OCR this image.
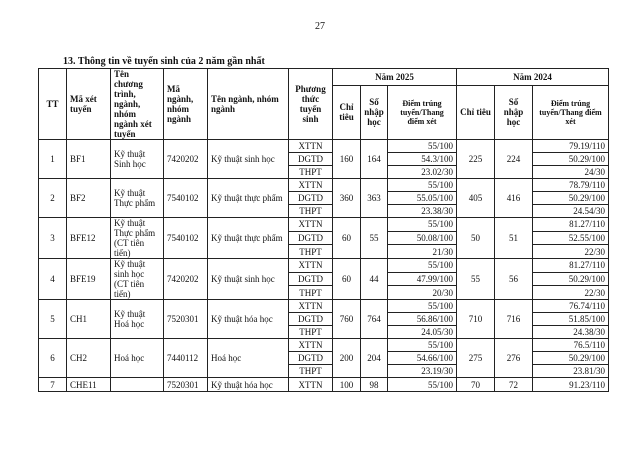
27
13. Thông tin về tuyển sinh của 2 năm gần nhất
TT	Mã xét tuyển	Tên chương trình, ngành, nhóm ngành xét tuyển	Mã ngành, nhóm ngành	Tên ngành, nhóm ngành	Phương thức tuyển sinh	Năm 2025			Năm 2024		
						Chỉ tiêu	Số nhập học	Điểm trúng tuyển/Thang điểm xét	Chỉ tiêu	Số nhập học	Điểm trúng tuyển/Thang điểm xét
1	BF1	Kỹ thuật Sinh học	7420202	Kỹ thuật sinh học	XTTN	160	164	55/100	225	224	79.19/110
					DGTD			54.3/100			50.29/100
					THPT			23.02/30			24/30
2	BF2	Kỹ thuật Thực phẩm	7540102	Kỹ thuật thực phẩm	XTTN	360	363	55/100	405	416	78.79/110
					DGTD			55.05/100			50.29/100
					THPT			23.38/30			24.54/30
3	BFE12	Kỹ thuật Thực phẩm (CT tiên tiến)	7540102	Kỹ thuật thực phẩm	XTTN	60	55	55/100	50	51	81.27/110
					DGTD			50.08/100			52.55/100
					THPT			21/30			22/30
4	BFE19	Kỹ thuật sinh học (CT tiên tiến)	7420202	Kỹ thuật sinh học	XTTN	60	44	55/100	55	56	81.27/110
					DGTD			47.99/100			50.29/100
					THPT			20/30			22/30
5	CH1	Kỹ thuật Hoá học	7520301	Kỹ thuật hóa học	XTTN	760	764	55/100	710	716	76.74/110
					DGTD			56.86/100			51.85/100
					THPT			24.05/30			24.38/30
6	CH2	Hoá học	7440112	Hoá học	XTTN	200	204	55/100	275	276	76.5/110
					DGTD			54.66/100			50.29/100
					THPT			23.19/30			23.81/30
7	CHE11		7520301	Kỹ thuật hóa học	XTTN	100	98	55/100	70	72	91.23/110
